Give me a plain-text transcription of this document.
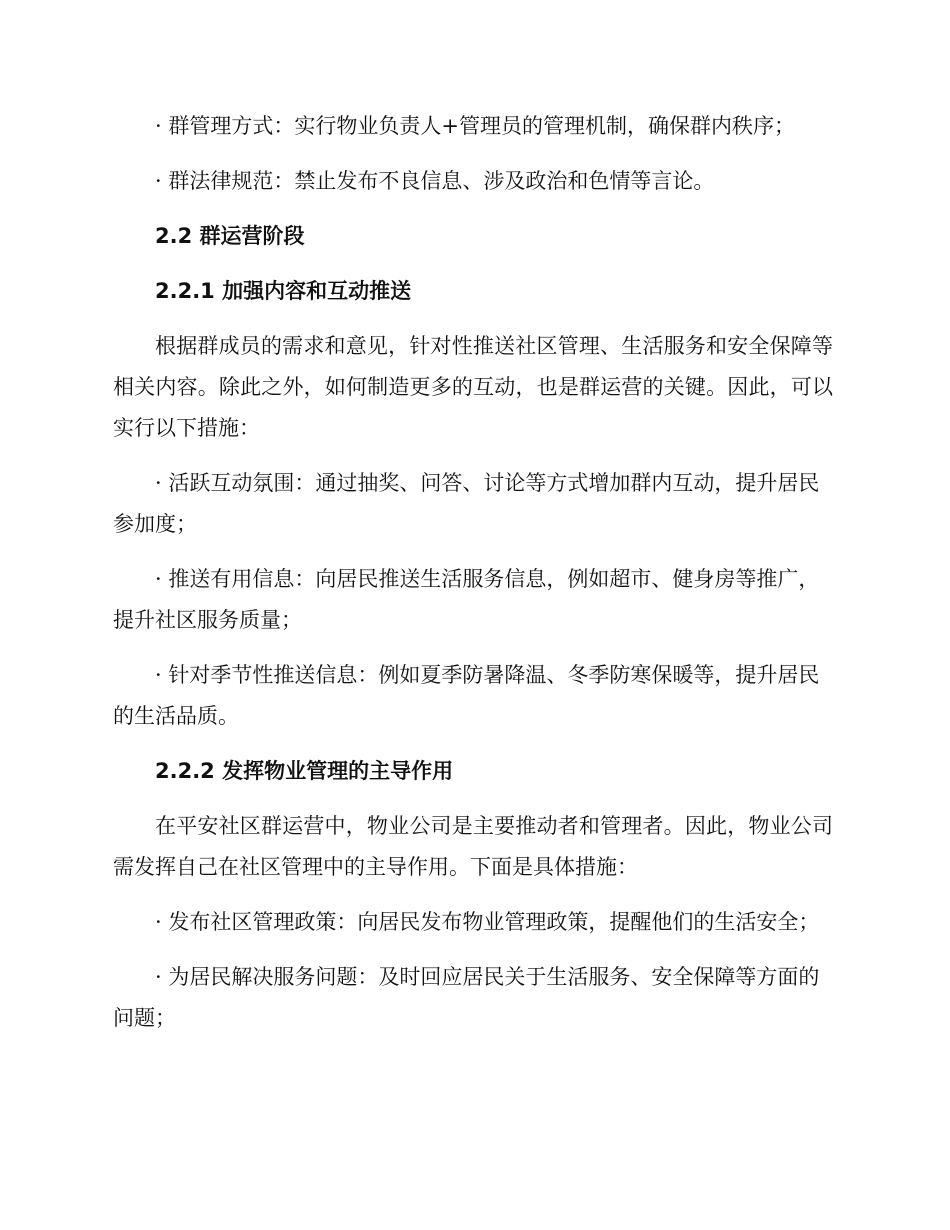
· 群管理方式：实行物业负责人+管理员的管理机制，确保群内秩序；

· 群法律规范：禁止发布不良信息、涉及政治和色情等言论。

2.2 群运营阶段

2.2.1 加强内容和互动推送

根据群成员的需求和意见，针对性推送社区管理、生活服务和安全保障等相关内容。除此之外，如何制造更多的互动，也是群运营的关键。因此，可以实行以下措施：

· 活跃互动氛围：通过抽奖、问答、讨论等方式增加群内互动，提升居民参加度；

· 推送有用信息：向居民推送生活服务信息，例如超市、健身房等推广，提升社区服务质量；

· 针对季节性推送信息：例如夏季防暑降温、冬季防寒保暖等，提升居民的生活品质。

2.2.2 发挥物业管理的主导作用

在平安社区群运营中，物业公司是主要推动者和管理者。因此，物业公司需发挥自己在社区管理中的主导作用。下面是具体措施：

· 发布社区管理政策：向居民发布物业管理政策，提醒他们的生活安全；

· 为居民解决服务问题：及时回应居民关于生活服务、安全保障等方面的问题；
